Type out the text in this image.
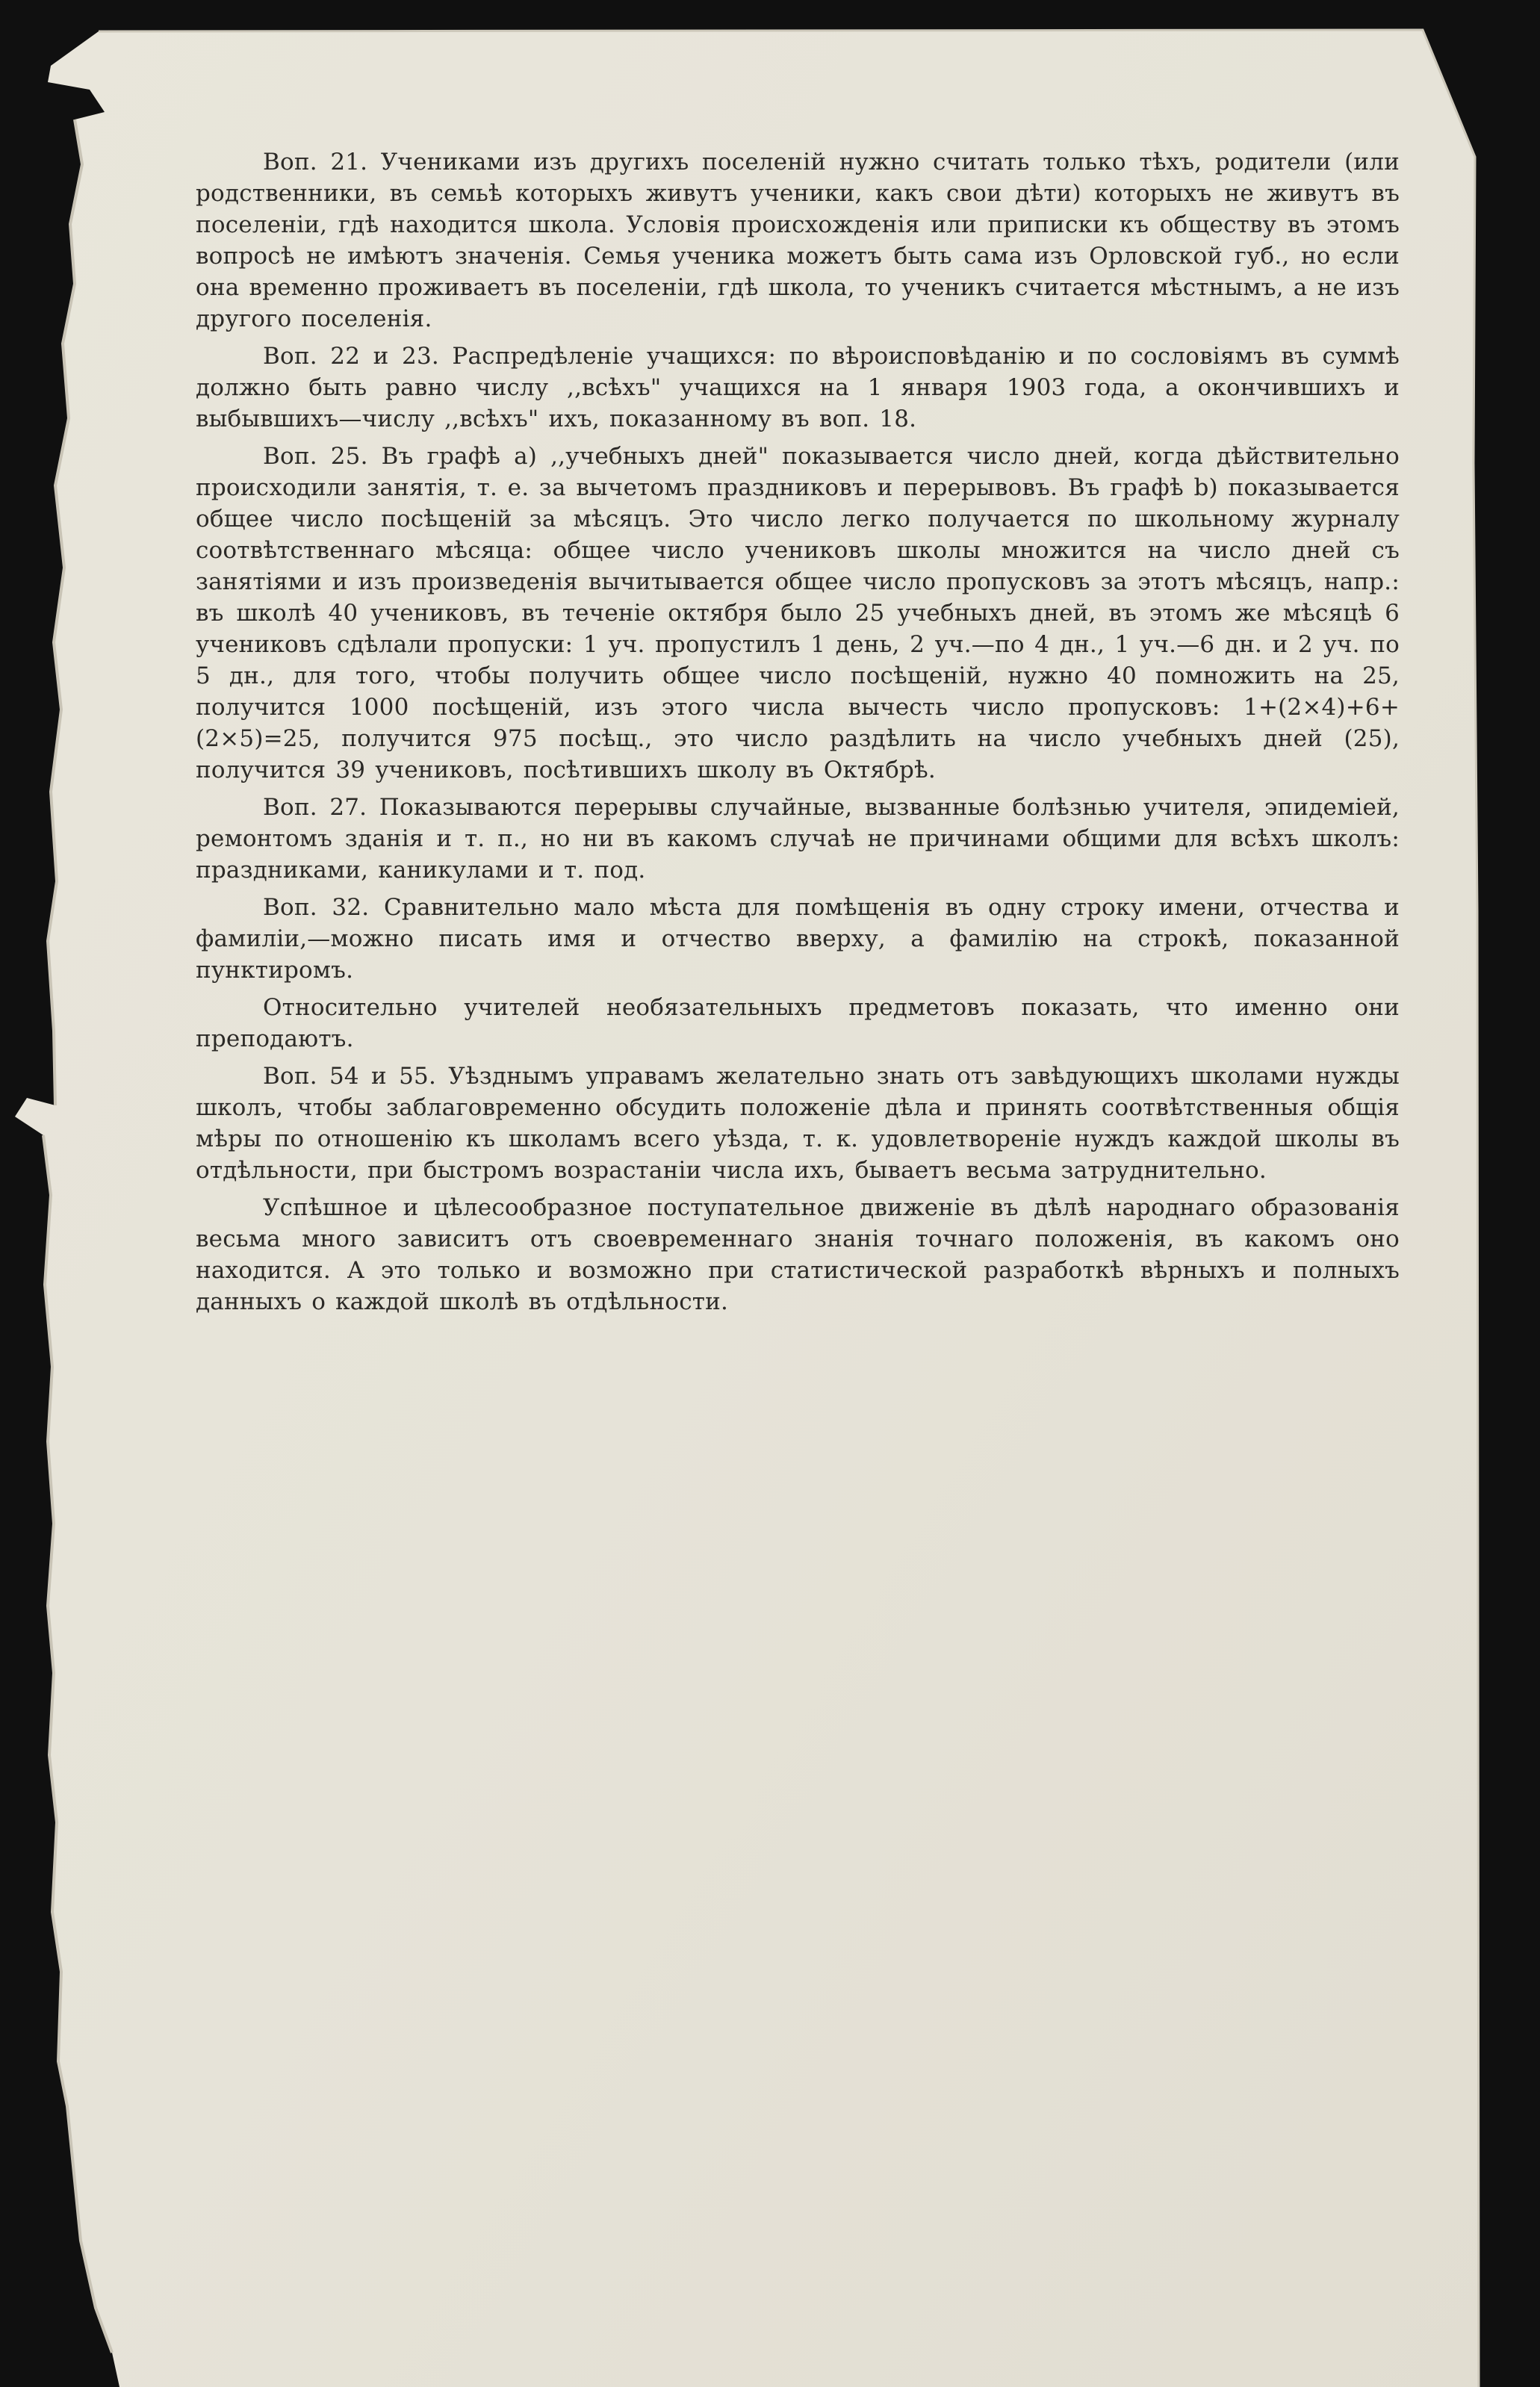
Воп. 21. Учениками изъ другихъ поселеній нужно считать только тѣхъ, родители (или родственники, въ семьѣ которыхъ живутъ ученики, какъ свои дѣти) которыхъ не живутъ въ поселеніи, гдѣ находится школа. Условія происхожденія или приписки къ обществу въ этомъ вопросѣ не имѣютъ значенія. Семья ученика можетъ быть сама изъ Орловской губ., но если она временно проживаетъ въ поселеніи, гдѣ школа, то ученикъ считается мѣстнымъ, а не изъ другого поселенія.

Воп. 22 и 23. Распредѣленіе учащихся: по вѣроисповѣданію и по сословіямъ въ суммѣ должно быть равно числу ,,всѣхъ" учащихся на 1 января 1903 года, а окончившихъ и выбывшихъ—числу ,,всѣхъ" ихъ, показанному въ воп. 18.

Воп. 25. Въ графѣ а) ,,учебныхъ дней" показывается число дней, когда дѣйствительно происходили занятія, т. е. за вычетомъ праздниковъ и перерывовъ. Въ графѣ b) показывается общее число посѣщеній за мѣсяцъ. Это число легко получается по школьному журналу соотвѣтственнаго мѣсяца: общее число учениковъ школы множится на число дней съ занятіями и изъ произведенія вычитывается общее число пропусковъ за этотъ мѣсяцъ, напр.: въ школѣ 40 учениковъ, въ теченіе октября было 25 учебныхъ дней, въ этомъ же мѣсяцѣ 6 учениковъ сдѣлали пропуски: 1 уч. пропустилъ 1 день, 2 уч.—по 4 дн., 1 уч.—6 дн. и 2 уч. по 5 дн., для того, чтобы получить общее число посѣщеній, нужно 40 помножить на 25, получится 1000 посѣщеній, изъ этого числа вычесть число пропусковъ: 1+(2×4)+6+(2×5)=25, получится 975 посѣщ., это число раздѣлить на число учебныхъ дней (25), получится 39 учениковъ, посѣтившихъ школу въ Октябрѣ.

Воп. 27. Показываются перерывы случайные, вызванные болѣзнью учителя, эпидеміей, ремонтомъ зданія и т. п., но ни въ какомъ случаѣ не причинами общими для всѣхъ школъ: праздниками, каникулами и т. под.

Воп. 32. Сравнительно мало мѣста для помѣщенія въ одну строку имени, отчества и фамиліи,—можно писать имя и отчество вверху, а фамилію на строкѣ, показанной пунктиромъ.

Относительно учителей необязательныхъ предметовъ показать, что именно они преподаютъ.

Воп. 54 и 55. Уѣзднымъ управамъ желательно знать отъ завѣдующихъ школами нужды школъ, чтобы заблаговременно обсудить положеніе дѣла и принять соотвѣтственныя общія мѣры по отношенію къ школамъ всего уѣзда, т. к. удовлетвореніе нуждъ каждой школы въ отдѣльности, при быстромъ возрастаніи числа ихъ, бываетъ весьма затруднительно.

Успѣшное и цѣлесообразное поступательное движеніе въ дѣлѣ народнаго образованія весьма много зависитъ отъ своевременнаго знанія точнаго положенія, въ какомъ оно находится. А это только и возможно при статистической разработкѣ вѣрныхъ и полныхъ данныхъ о каждой школѣ въ отдѣльности.
